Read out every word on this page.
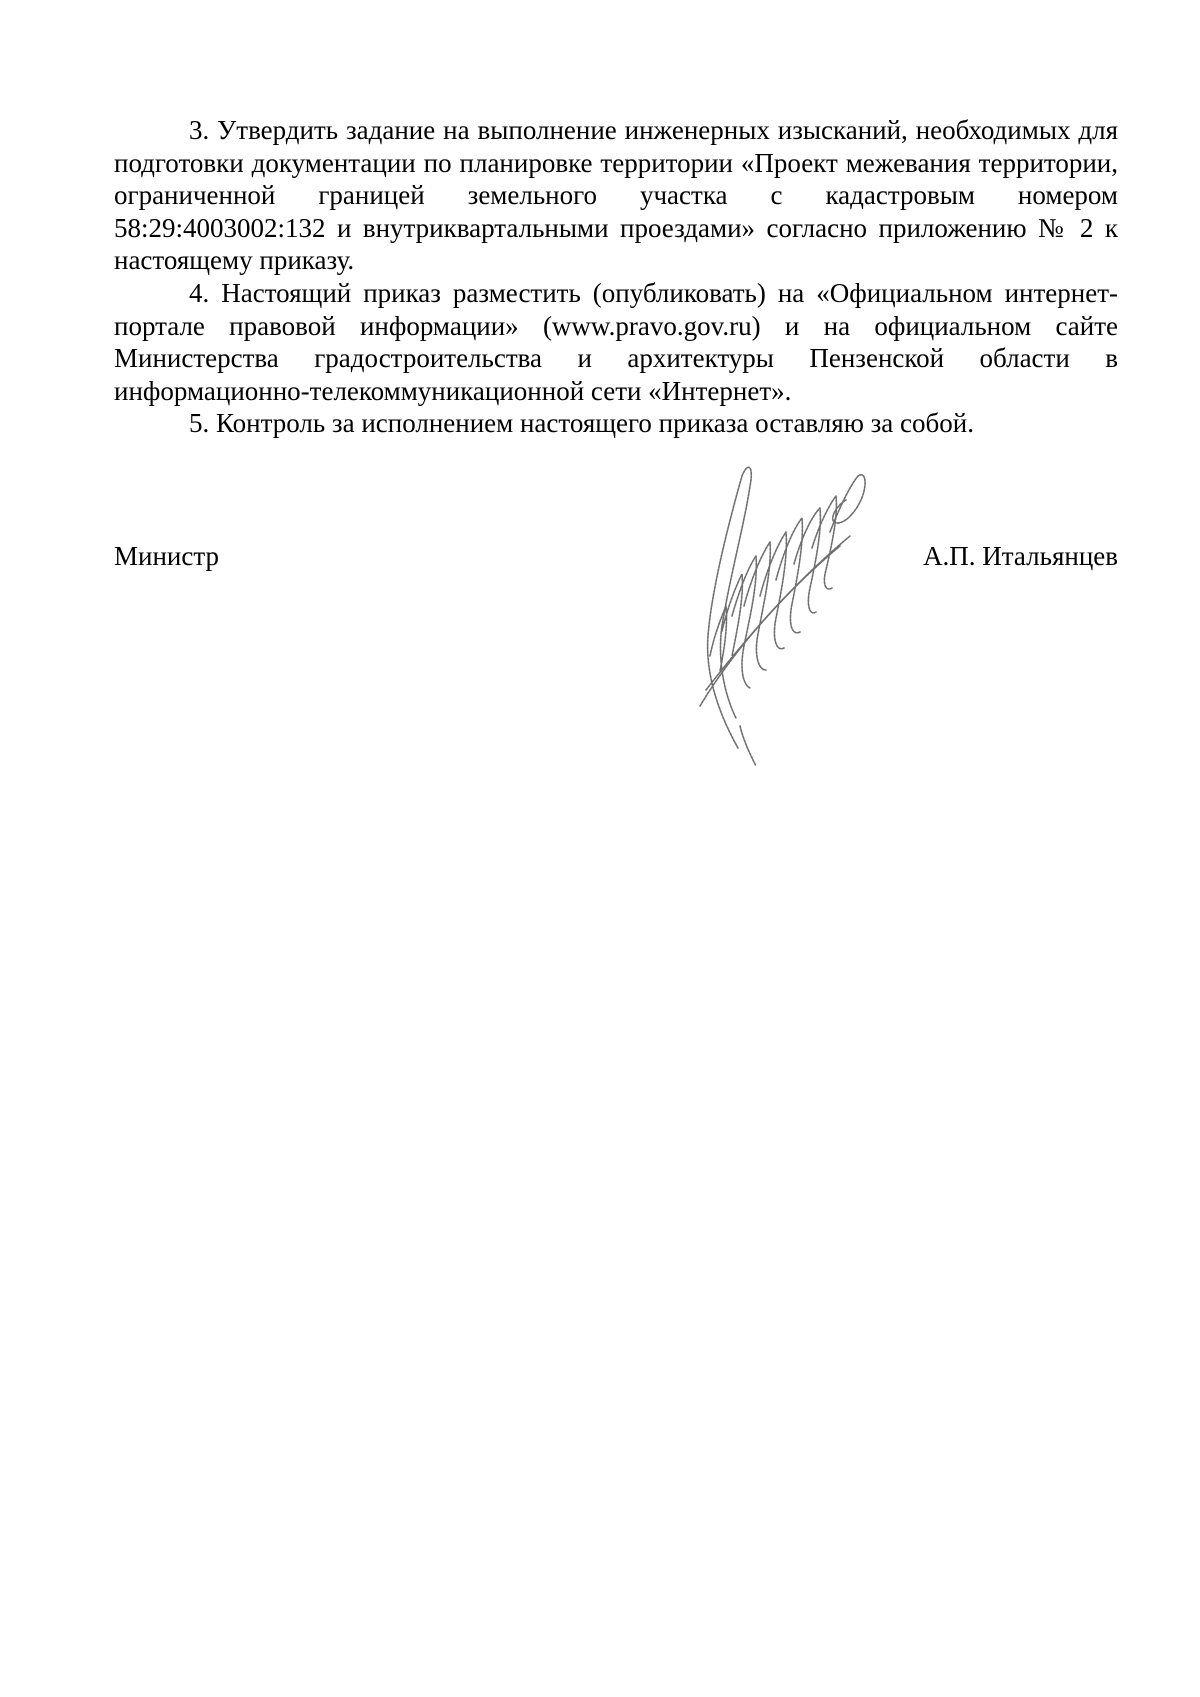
3. Утвердить задание на выполнение инженерных изысканий, необходимых для подготовки документации по планировке территории «Проект межевания территории, ограниченной границей земельного участка с кадастровым номером 58:29:4003002:132 и внутриквартальными проездами» согласно приложению № 2 к настоящему приказу.

4. Настоящий приказ разместить (опубликовать) на «Официальном интернет-портале правовой информации» (www.pravo.gov.ru) и на официальном сайте Министерства градостроительства и архитектуры Пензенской области в информационно-телекоммуникационной сети «Интернет».

5. Контроль за исполнением настоящего приказа оставляю за собой.

Министр	А.П. Итальянцев
